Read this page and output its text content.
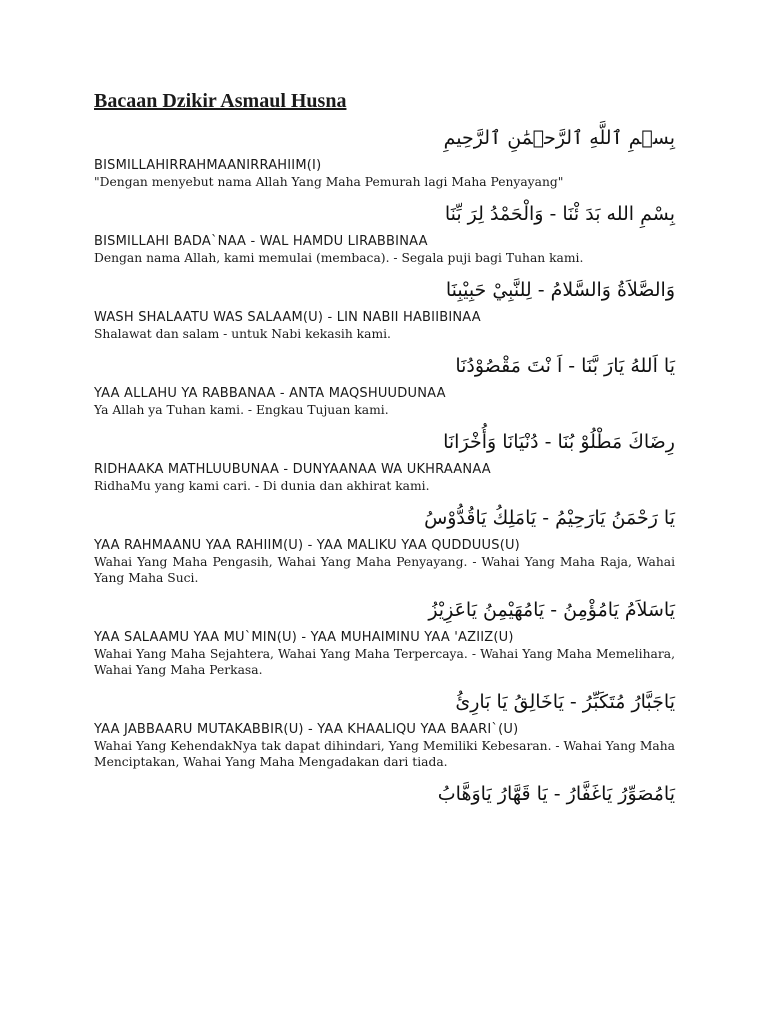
Bacaan Dzikir Asmaul Husna

بِسۡمِ ٱللَّهِ ٱلرَّحۡمَٰنِ ٱلرَّحِيمِ

BISMILLAHIRRAHMAANIRRAHIIM(I)

"Dengan menyebut nama Allah Yang Maha Pemurah lagi Maha Penyayang"

بِسْمِ الله بَدَ ئْنَا - وَالْحَمْدُ لِرَ بِّنَا

BISMILLAHI BADA`NAA - WAL HAMDU LIRABBINAA

Dengan nama Allah, kami memulai (membaca). - Segala puji bagi Tuhan kami.

وَالصَّلاَةُ وَالسَّلامُ - لِلنَّبِيْ حَبِيْبِنَا

WASH SHALAATU WAS SALAAM(U) - LIN NABII HABIIBINAA

Shalawat dan salam - untuk Nabi kekasih kami.

يَا اَللهُ يَارَ بَّنَا - اَ نْتَ مَقْصُوْدُنَا

YAA ALLAHU YA RABBANAA - ANTA MAQSHUUDUNAA

Ya Allah ya Tuhan kami. - Engkau Tujuan kami.

رِضَاكَ مَطْلُوْ بُنَا - دُنْيَانَا وَأُخْرَانَا

RIDHAAKA MATHLUUBUNAA - DUNYAANAA WA UKHRAANAA

RidhaMu yang kami cari. - Di dunia dan akhirat kami.

يَا رَحْمَنُ يَارَحِيْمُ - يَامَلِكُ يَاقُدُّوْسُ

YAA RAHMAANU YAA RAHIIM(U) - YAA MALIKU YAA QUDDUUS(U)

Wahai Yang Maha Pengasih, Wahai Yang Maha Penyayang. - Wahai Yang Maha Raja, Wahai Yang Maha Suci.

يَاسَلاَمُ يَامُؤْمِنُ - يَامُهَيْمِنُ يَاعَزِيْزُ

YAA SALAAMU YAA MU`MIN(U) - YAA MUHAIMINU YAA 'AZIIZ(U)

Wahai Yang Maha Sejahtera, Wahai Yang Maha Terpercaya. - Wahai Yang Maha Memelihara, Wahai Yang Maha Perkasa.

يَاجَبَّارُ مُتَكَبِّرُ - يَاخَالِقُ يَا بَارِئُ

YAA JABBAARU MUTAKABBIR(U) - YAA KHAALIQU YAA BAARI`(U)

Wahai Yang KehendakNya tak dapat dihindari, Yang Memiliki Kebesaran. - Wahai Yang Maha Menciptakan, Wahai Yang Maha Mengadakan dari tiada.

يَامُصَوِّرُ يَاغَفَّارُ - يَا قَهَّارُ يَاوَهَّابُ
